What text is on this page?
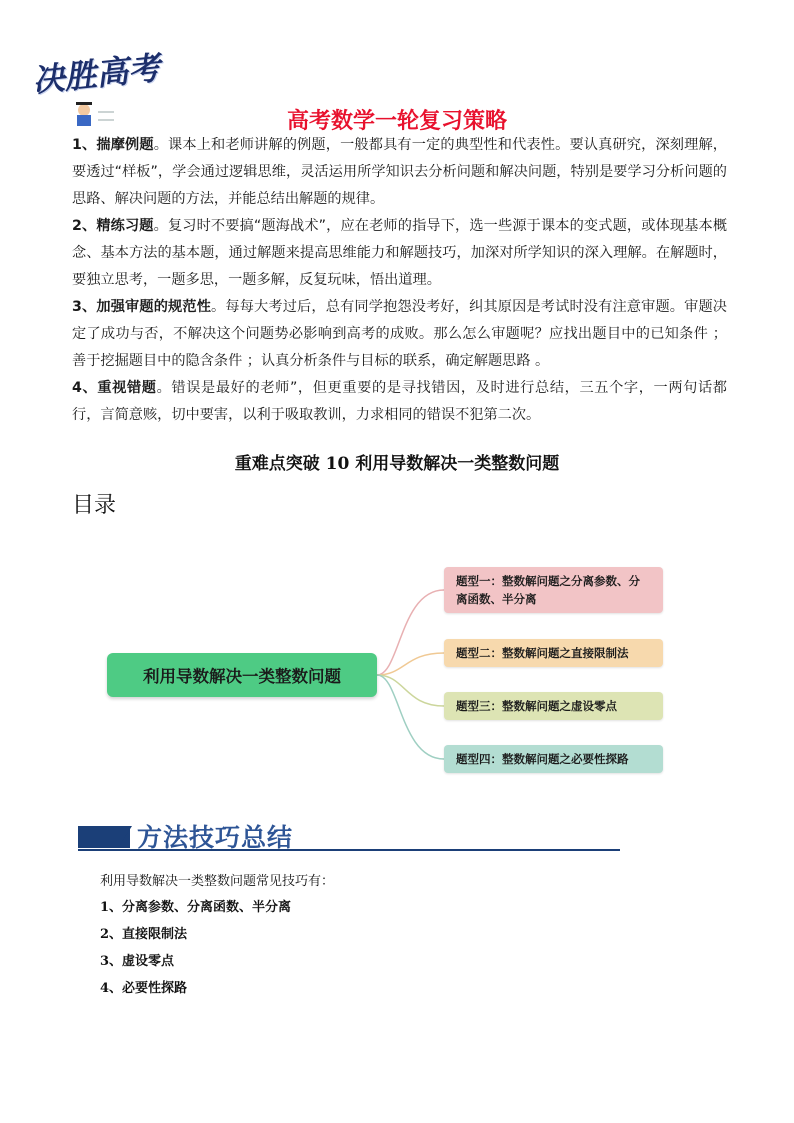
决胜高考
高考数学一轮复习策略
1、揣摩例题。课本上和老师讲解的例题，一般都具有一定的典型性和代表性。要认真研究，深刻理解，要透过“样板”，学会通过逻辑思维，灵活运用所学知识去分析问题和解决问题，特别是要学习分析问题的思路、解决问题的方法，并能总结出解题的规律。
2、精练习题。复习时不要搞“题海战术”，应在老师的指导下，选一些源于课本的变式题，或体现基本概念、基本方法的基本题，通过解题来提高思维能力和解题技巧，加深对所学知识的深入理解。在解题时，要独立思考，一题多思，一题多解，反复玩味，悟出道理。
3、加强审题的规范性。每每大考过后，总有同学抱怨没考好，纠其原因是考试时没有注意审题。审题决定了成功与否，不解决这个问题势必影响到高考的成败。那么怎么审题呢？应找出题目中的已知条件 ；善于挖掘题目中的隐含条件 ；认真分析条件与目标的联系，确定解题思路 。
4、重视错题。错误是最好的老师”，但更重要的是寻找错因，及时进行总结，三五个字，一两句话都行，言简意赅，切中要害，以利于吸取教训，力求相同的错误不犯第二次。
重难点突破 10 利用导数解决一类整数问题
目录
利用导数解决一类整数问题
题型一：整数解问题之分离参数、分离函数、半分离
题型二：整数解问题之直接限制法
题型三：整数解问题之虚设零点
题型四：整数解问题之必要性探路
方法技巧总结
利用导数解决一类整数问题常见技巧有：
1、分离参数、分离函数、半分离
2、直接限制法
3、虚设零点
4、必要性探路
